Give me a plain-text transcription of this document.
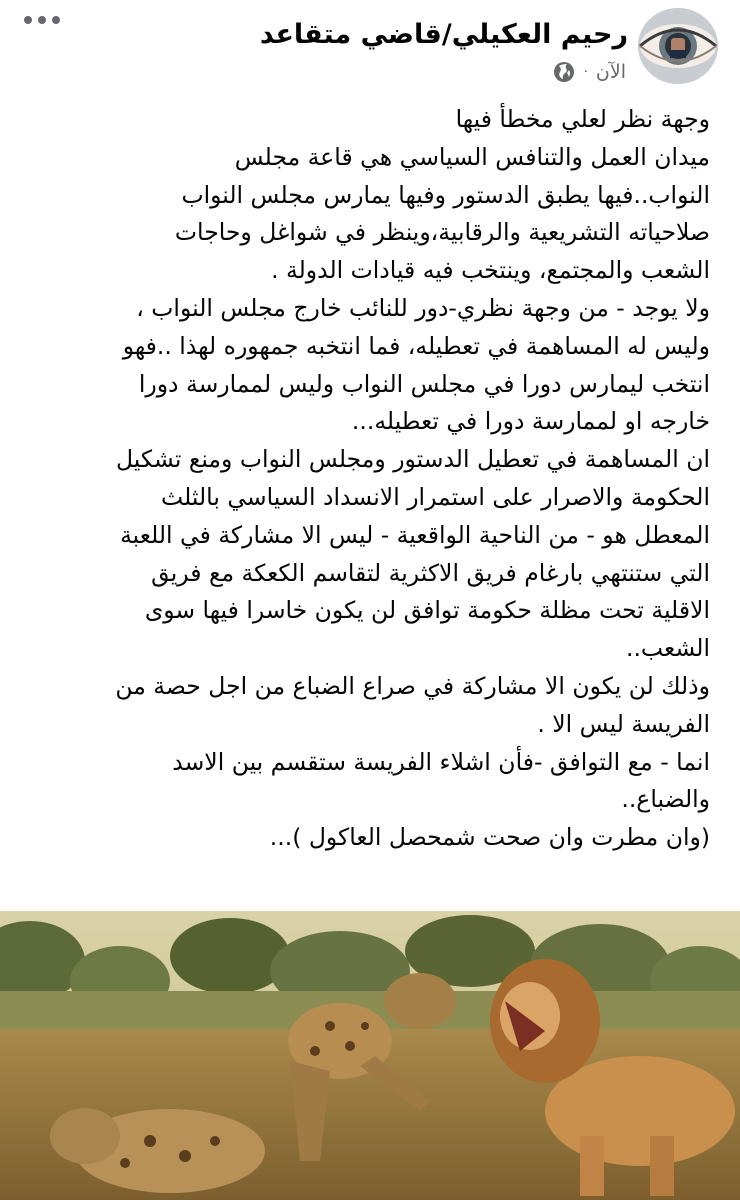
رحيم العكيلي/قاضي متقاعد
الآن
·
وجهة نظر لعلي مخطأ فيها
ميدان العمل والتنافس السياسي هي قاعة مجلس
النواب..فيها يطبق الدستور وفيها يمارس مجلس النواب
صلاحياته التشريعية والرقابية،وينظر في شواغل وحاجات
الشعب والمجتمع، وينتخب فيه قيادات الدولة .
ولا يوجد - من وجهة نظري-دور للنائب خارج مجلس النواب ،
وليس له المساهمة في تعطيله، فما انتخبه جمهوره لهذا ..فهو
انتخب ليمارس دورا في مجلس النواب وليس لممارسة دورا
خارجه او لممارسة دورا في تعطيله...
ان المساهمة في تعطيل الدستور ومجلس النواب ومنع تشكيل
الحكومة والاصرار على استمرار الانسداد السياسي بالثلث
المعطل هو - من الناحية الواقعية - ليس الا مشاركة في اللعبة
التي ستنتهي بارغام فريق الاكثرية لتقاسم الكعكة مع فريق
الاقلية تحت مظلة حكومة توافق لن يكون خاسرا فيها سوى
الشعب..
وذلك لن يكون الا مشاركة في صراع الضباع من اجل حصة من
الفريسة ليس الا .
انما - مع التوافق -فأن اشلاء الفريسة ستقسم بين الاسد
والضباع..
(وان مطرت وان صحت شمحصل العاكول )...
